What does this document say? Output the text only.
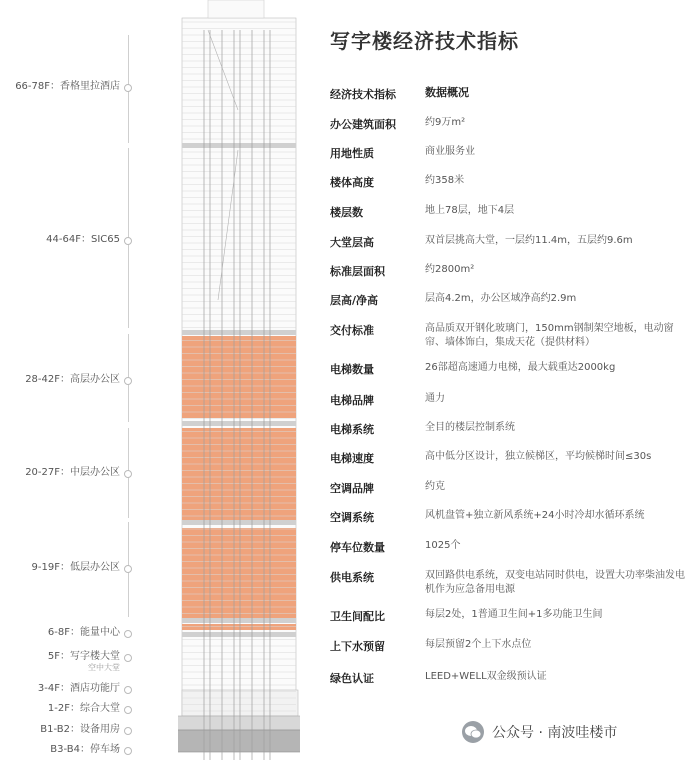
66-78F：香格里拉酒店
44-64F：SIC65
28-42F：高层办公区
20-27F：中层办公区
9-19F：低层办公区
6-8F：能量中心
5F：写字楼大堂
空中大堂
3-4F：酒店功能厅
1-2F：综合大堂
B1-B2：设备用房
B3-B4：停车场
写字楼经济技术指标
经济技术指标	数据概况
办公建筑面积	约9万m²
用地性质	商业服务业
楼体高度	约358米
楼层数	地上78层，地下4层
大堂层高	双首层挑高大堂，一层约11.4m，五层约9.6m
标准层面积	约2800m²
层高/净高	层高4.2m，办公区域净高约2.9m
交付标准	高品质双开钢化玻璃门，150mm钢制架空地板，电动窗帘、墙体饰白，集成天花（提供材料）
电梯数量	26部超高速通力电梯，最大载重达2000kg
电梯品牌	通力
电梯系统	全目的楼层控制系统
电梯速度	高中低分区设计，独立候梯区，平均候梯时间≤30s
空调品牌	约克
空调系统	风机盘管+独立新风系统+24小时冷却水循环系统
停车位数量	1025个
供电系统	双回路供电系统，双变电站同时供电，设置大功率柴油发电机作为应急备用电源
卫生间配比	每层2处，1普通卫生间+1多功能卫生间
上下水预留	每层预留2个上下水点位
绿色认证	LEED+WELL双金级预认证
公众号 · 南波哇楼市
